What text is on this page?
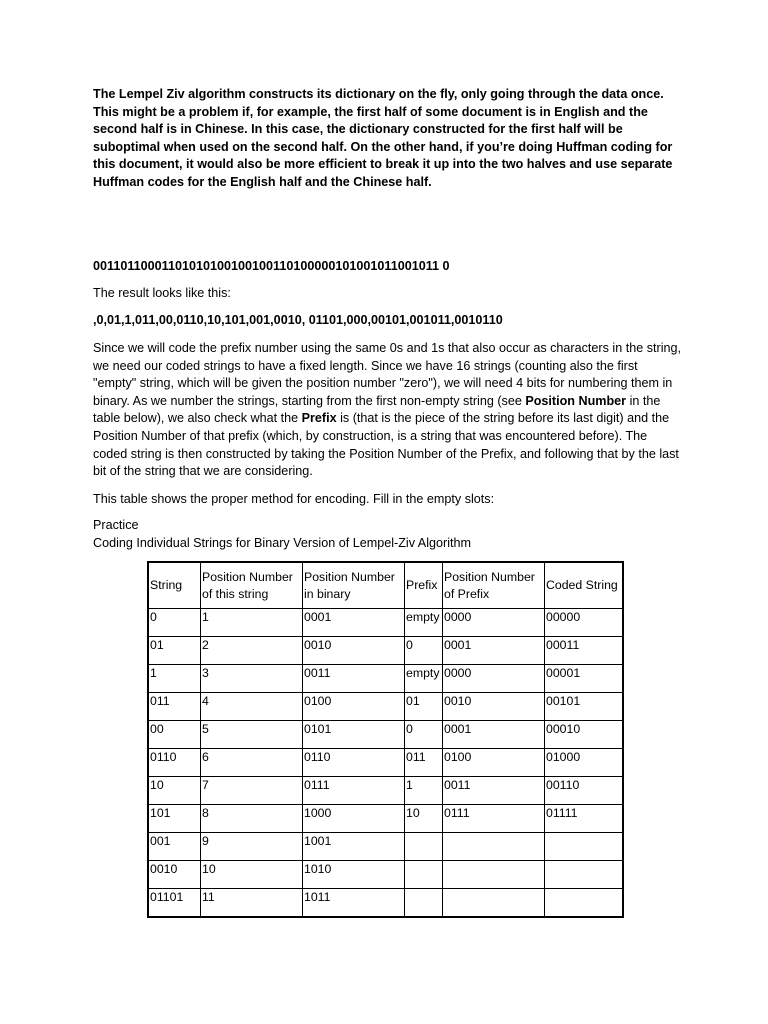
The Lempel Ziv algorithm constructs its dictionary on the fly, only going through the data once. This might be a problem if, for example, the first half of some document is in English and the second half is in Chinese. In this case, the dictionary constructed for the first half will be suboptimal when used on the second half. On the other hand, if you’re doing Huffman coding for this document, it would also be more efficient to break it up into the two halves and use separate Huffman codes for the English half and the Chinese half.

00110110001101010100100100110100000101001011001011 0

The result looks like this:

,0,01,1,011,00,0110,10,101,001,0010, 01101,000,00101,001011,0010110

Since we will code the prefix number using the same 0s and 1s that also occur as characters in the string, we need our coded strings to have a fixed length. Since we have 16 strings (counting also the first "empty" string, which will be given the position number "zero"), we will need 4 bits for numbering them in binary. As we number the strings, starting from the first non-empty string (see Position Number in the table below), we also check what the Prefix is (that is the piece of the string before its last digit) and the Position Number of that prefix (which, by construction, is a string that was encountered before). The coded string is then constructed by taking the Position Number of the Prefix, and following that by the last bit of the string that we are considering.

This table shows the proper method for encoding. Fill in the empty slots:

Practice

Coding Individual Strings for Binary Version of Lempel-Ziv Algorithm

String	Position Number of this string	Position Number in binary	Prefix	Position Number of Prefix	Coded String
0	1	0001	empty	0000	00000
01	2	0010	0	0001	00011
1	3	0011	empty	0000	00001
011	4	0100	01	0010	00101
00	5	0101	0	0001	00010
0110	6	0110	011	0100	01000
10	7	0111	1	0011	00110
101	8	1000	10	0111	01111
001	9	1001			
0010	10	1010			
01101	11	1011			
